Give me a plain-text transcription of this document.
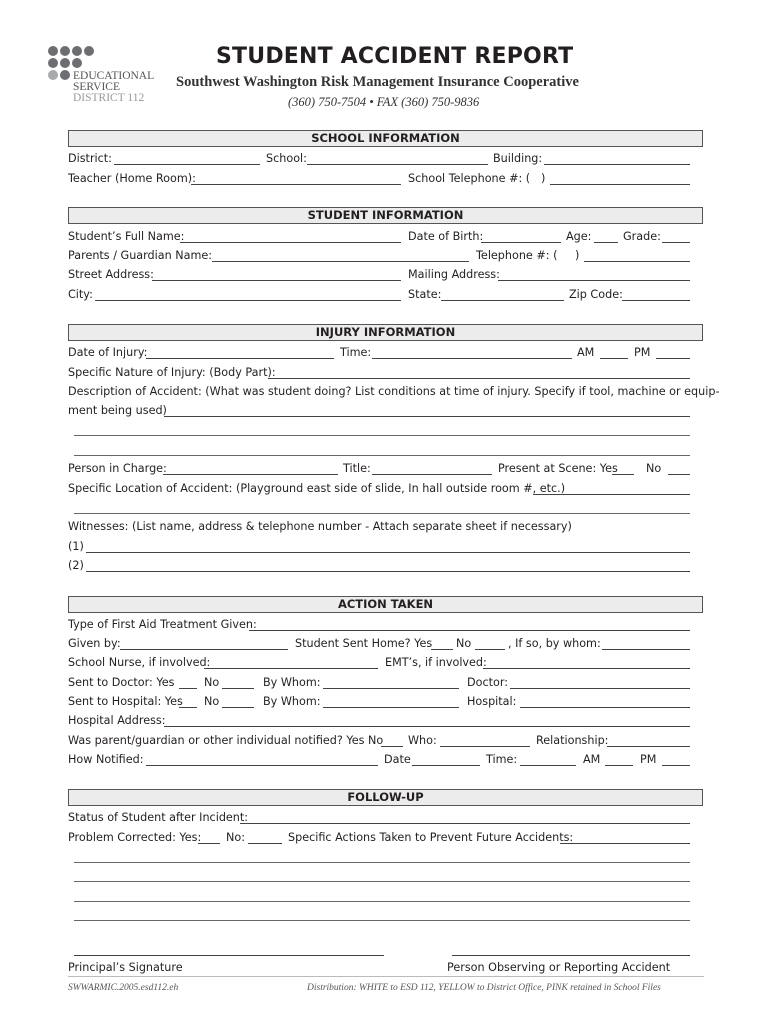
EDUCATIONAL
SERVICE
DISTRICT 112
STUDENT ACCIDENT REPORT
Southwest Washington Risk Management Insurance Cooperative
(360) 750-7504 • FAX (360) 750-9836
SCHOOL INFORMATION
District:	School:	Building:
Teacher (Home Room):	School Telephone #: ( )
STUDENT INFORMATION
Student’s Full Name:	Date of Birth:	Age:	Grade:
Parents / Guardian Name:	Telephone #: ( )
Street Address:	Mailing Address:
City:	State:	Zip Code:
INJURY INFORMATION
Date of Injury:	Time:	AM	PM
Specific Nature of Injury: (Body Part):
Description of Accident: (What was student doing? List conditions at time of injury. Specify if tool, machine or equip-
ment being used)
Person in Charge:	Title:	Present at Scene: Yes	No
Specific Location of Accident: (Playground east side of slide, In hall outside room #, etc.)
Witnesses: (List name, address & telephone number - Attach separate sheet if necessary)
(1)
(2)
ACTION TAKEN
Type of First Aid Treatment Given:
Given by:	Student Sent Home? Yes No	, If so, by whom:
School Nurse, if involved:	EMT’s, if involved:
Sent to Doctor: Yes	No	By Whom:	Doctor:
Sent to Hospital: Yes No	By Whom:	Hospital:
Hospital Address:
Was parent/guardian or other individual notified? Yes No Who:	Relationship:
How Notified:	Date	Time:	AM	PM
FOLLOW-UP
Status of Student after Incident:
Problem Corrected: Yes: No:	Specific Actions Taken to Prevent Future Accidents:
Principal’s Signature	Person Observing or Reporting Accident
SWWARMIC.2005.esd112.eh	Distribution: WHITE to ESD 112, YELLOW to District Office, PINK retained in School Files
